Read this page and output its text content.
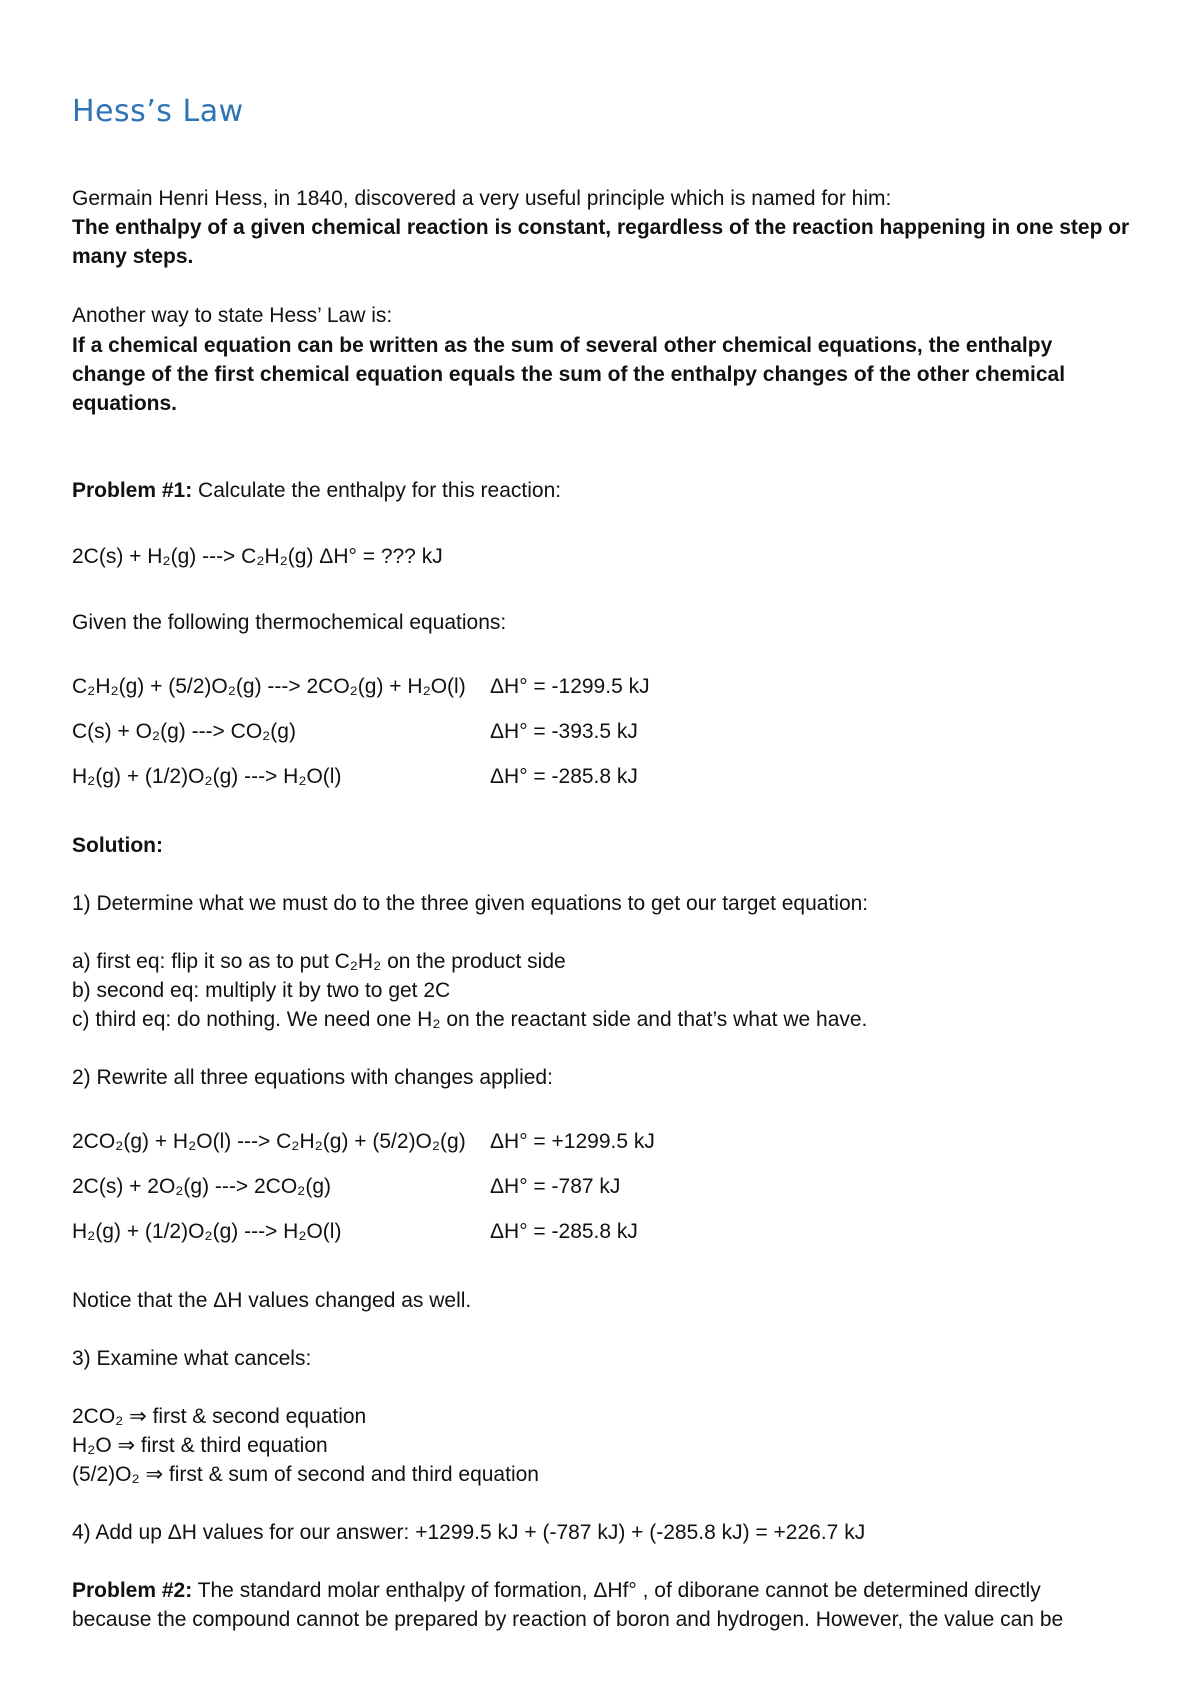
Hess’s Law

Germain Henri Hess, in 1840, discovered a very useful principle which is named for him:

The enthalpy of a given chemical reaction is constant, regardless of the reaction happening in one step or

many steps.

Another way to state Hess’ Law is:

If a chemical equation can be written as the sum of several other chemical equations, the enthalpy

change of the first chemical equation equals the sum of the enthalpy changes of the other chemical

equations.

Problem #1: Calculate the enthalpy for this reaction:

2C(s) + H₂(g) ---> C₂H₂(g) ΔH° = ??? kJ

Given the following thermochemical equations:

C₂H₂(g) + (5/2)O₂(g) ---> 2CO₂(g) + H₂O(l) ΔH° = -1299.5 kJ
C(s) + O₂(g) ---> CO₂(g)	ΔH° = -393.5 kJ
H₂(g) + (1/2)O₂(g) ---> H₂O(l)	ΔH° = -285.8 kJ

Solution:

1) Determine what we must do to the three given equations to get our target equation:

a) first eq: flip it so as to put C₂H₂ on the product side

b) second eq: multiply it by two to get 2C

c) third eq: do nothing. We need one H₂ on the reactant side and that’s what we have.

2) Rewrite all three equations with changes applied:

2CO₂(g) + H₂O(l) ---> C₂H₂(g) + (5/2)O₂(g) ΔH° = +1299.5 kJ
2C(s) + 2O₂(g) ---> 2CO₂(g)	ΔH° = -787 kJ
H₂(g) + (1/2)O₂(g) ---> H₂O(l)	ΔH° = -285.8 kJ

Notice that the ΔH values changed as well.

3) Examine what cancels:

2CO₂ ⇒ first & second equation

H₂O ⇒ first & third equation

(5/2)O₂ ⇒ first & sum of second and third equation

4) Add up ΔH values for our answer: +1299.5 kJ + (-787 kJ) + (-285.8 kJ) = +226.7 kJ

Problem #2: The standard molar enthalpy of formation, ΔHf° , of diborane cannot be determined directly

because the compound cannot be prepared by reaction of boron and hydrogen. However, the value can be
